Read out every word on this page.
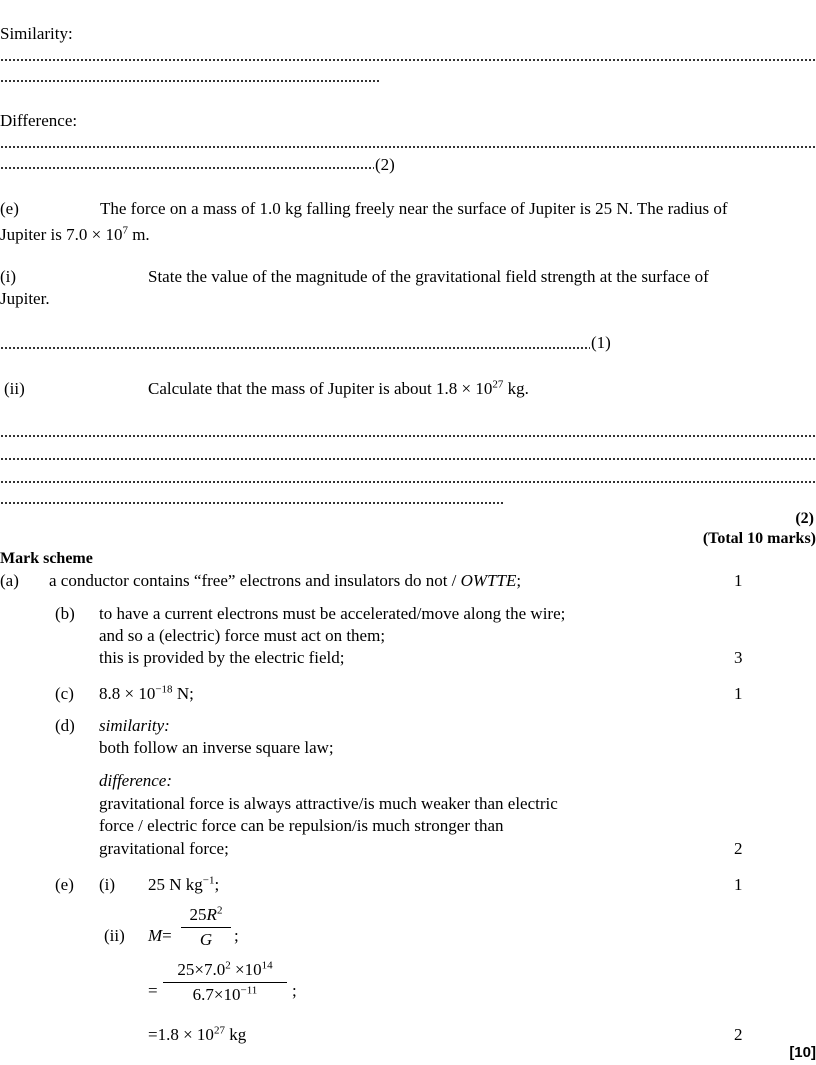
Similarity:
Difference:
(2)
(e)	The force on a mass of 1.0 kg falling freely near the surface of Jupiter is 25 N. The radius of
Jupiter is $7.0 \times 10^7$ m.
(i)	State the value of the magnitude of the gravitational field strength at the surface of
Jupiter.
(1)
(ii)	Calculate that the mass of Jupiter is about $1.8 \times 10^{27}$ kg.
(2)
(Total 10 marks)
Mark scheme
(a) a conductor contains “free” electrons and insulators do not / OWTTE;	1
(b) to have a current electrons must be accelerated/move along the wire;
and so a (electric) force must act on them;
this is provided by the electric field;	3
(c) $8.8 \times 10^{-18}$ N;	1
(d) similarity:
both follow an inverse square law;
difference:
gravitational force is always attractive/is much weaker than electric
force / electric force can be repulsion/is much stronger than
gravitational force;	2
(e) (i) 25 N $kg^{-1}$;	1
(ii) M=
$25R^2$
G	;
=
$25\times 7.0^2 \times 10^{14}$
$6.7\times 10^{-11}$	;
$=1.8 \times 10^{27}$ kg	2
[10]
